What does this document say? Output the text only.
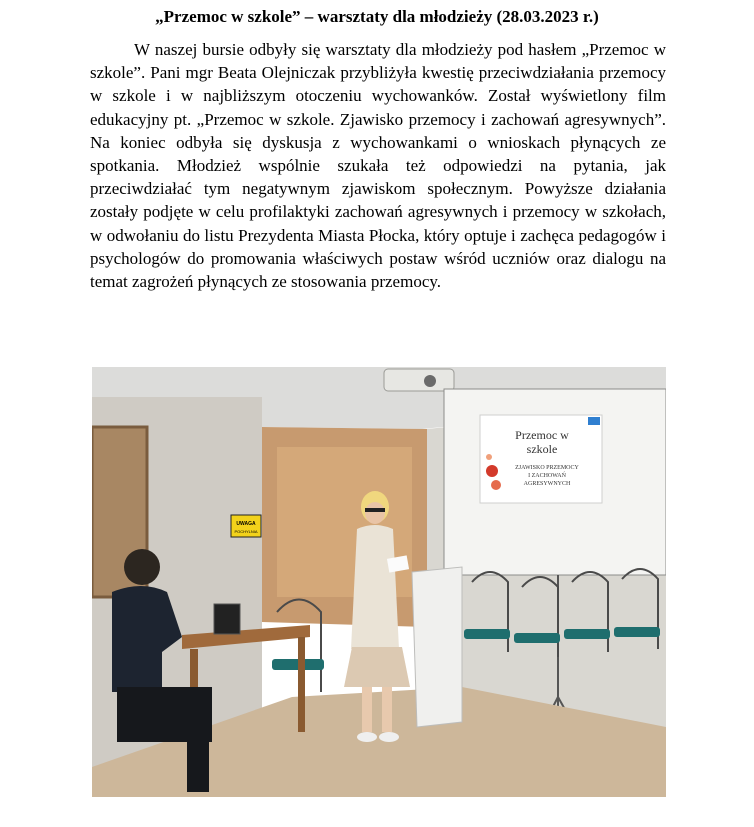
„Przemoc w szkole” – warsztaty dla młodzieży (28.03.2023 r.)

W naszej bursie odbyły się warsztaty dla młodzieży pod hasłem „Przemoc w szkole”. Pani mgr Beata Olejniczak przybliżyła kwestię przeciwdziałania przemocy w szkole i w najbliższym otoczeniu wychowanków. Został wyświetlony film edukacyjny pt. „Przemoc w szkole. Zjawisko przemocy i zachowań agresywnych”. Na koniec odbyła się dyskusja z wychowankami o wnioskach płynących ze spotkania. Młodzież wspólnie szukała też odpowiedzi na pytania, jak przeciwdziałać tym negatywnym zjawiskom społecznym. Powyższe działania zostały podjęte w celu profilaktyki zachowań agresywnych i przemocy w szkołach, w odwołaniu do listu Prezydenta Miasta Płocka, który optuje i zachęca pedagogów i psychologów do promowania właściwych postaw wśród uczniów oraz dialogu na temat zagrożeń płynących ze stosowania przemocy.

UWAGA
POCHYLNIA
Przemoc w
szkole
ZJAWISKO PRZEMOCY
I ZACHOWAŃ
AGRESYWNYCH
